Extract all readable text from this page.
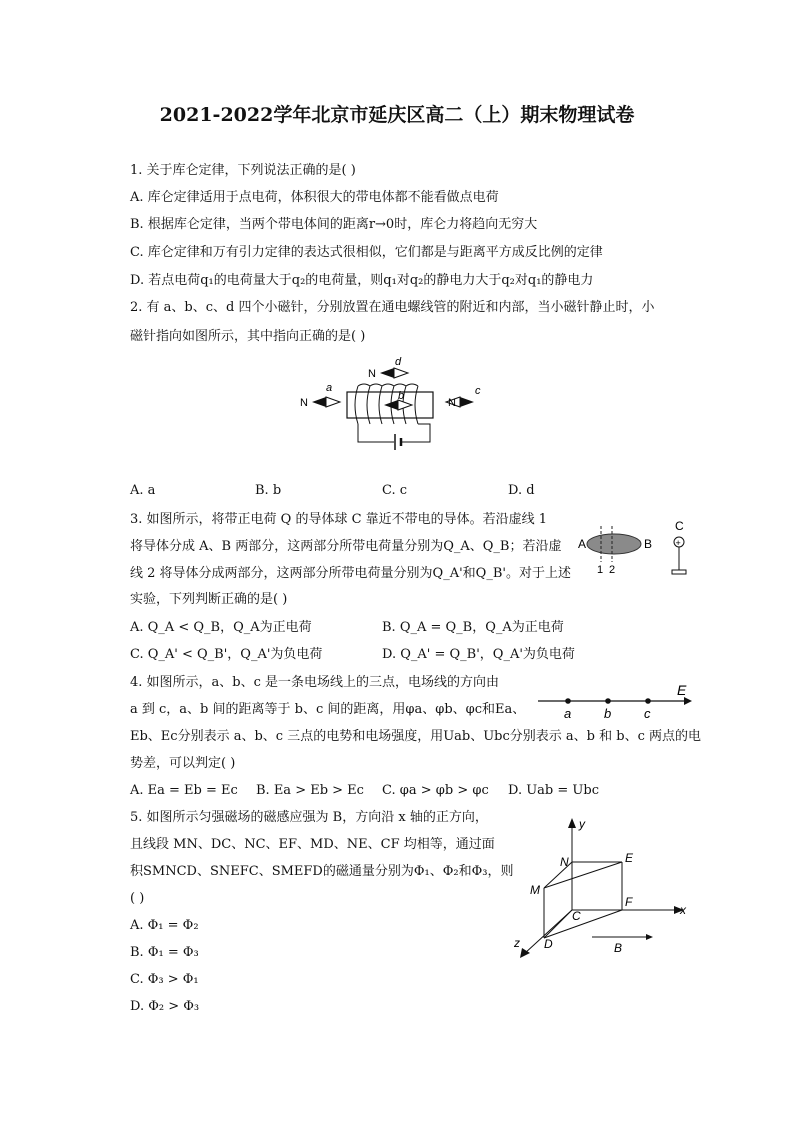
2021-2022学年北京市延庆区高二（上）期末物理试卷
1. 关于库仑定律，下列说法正确的是( )
A. 库仑定律适用于点电荷，体积很大的带电体都不能看做点电荷
B. 根据库仑定律，当两个带电体间的距离r→0时，库仑力将趋向无穷大
C. 库仑定律和万有引力定律的表达式很相似，它们都是与距离平方成反比例的定律
D. 若点电荷q₁的电荷量大于q₂的电荷量，则q₁对q₂的静电力大于q₂对q₁的静电力
2. 有 a、b、c、d 四个小磁针，分别放置在通电螺线管的附近和内部，当小磁针静止时，小
磁针指向如图所示，其中指向正确的是( )
N
a
N
d
b
N
c
A. a	B. b	C. c	D. d
3. 如图所示，将带正电荷 Q 的导体球 C 靠近不带电的导体。若沿虚线 1
将导体分成 A、B 两部分，这两部分所带电荷量分别为Q_A、Q_B；若沿虚
线 2 将导体分成两部分，这两部分所带电荷量分别为Q_A'和Q_B'。对于上述
实验，下列判断正确的是( )
A	B
1 2
C
+
A. Q_A < Q_B，Q_A为正电荷	B. Q_A = Q_B，Q_A为正电荷
C. Q_A' < Q_B'，Q_A'为负电荷	D. Q_A' = Q_B'，Q_A'为负电荷
4. 如图所示，a、b、c 是一条电场线上的三点，电场线的方向由
a 到 c，a、b 间的距离等于 b、c 间的距离，用φa、φb、φc和Ea、
Eb、Ec分别表示 a、b、c 三点的电势和电场强度，用Uab、Ubc分别表示 a、b 和 b、c 两点的电
势差，可以判定( )
a	b	c
E
A. Ea = Eb = Ec B. Ea > Eb > Ec C. φa > φb > φc D. Uab = Ubc
5. 如图所示匀强磁场的磁感应强为 B，方向沿 x 轴的正方向，
且线段 MN、DC、NC、EF、MD、NE、CF 均相等，通过面
积SMNCD、SNEFC、SMEFD的磁通量分别为Φ₁、Φ₂和Φ₃，则
( )
y
x
z
N	E
M
C
F
D	B
A. Φ₁ = Φ₂
B. Φ₁ = Φ₃
C. Φ₃ > Φ₁
D. Φ₂ > Φ₃
